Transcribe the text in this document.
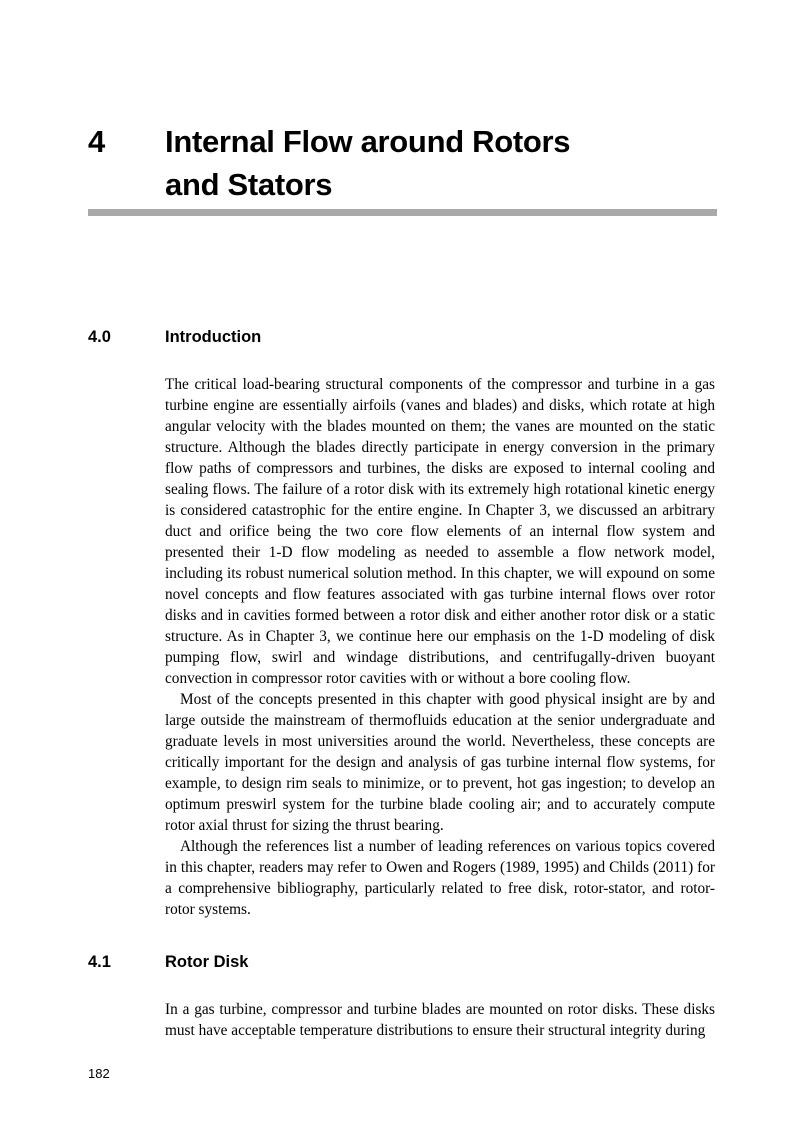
4	Internal Flow around Rotors
and Stators
4.0	Introduction

The critical load-bearing structural components of the compressor and turbine in a gas turbine engine are essentially airfoils (vanes and blades) and disks, which rotate at high angular velocity with the blades mounted on them; the vanes are mounted on the static structure. Although the blades directly participate in energy conversion in the primary flow paths of compressors and turbines, the disks are exposed to internal cooling and sealing flows. The failure of a rotor disk with its extremely high rotational kinetic energy is considered catastrophic for the entire engine. In Chapter 3, we discussed an arbitrary duct and orifice being the two core flow elements of an internal flow system and presented their 1-D flow modeling as needed to assemble a flow network model, including its robust numerical solution method. In this chapter, we will expound on some novel concepts and flow features associated with gas turbine internal flows over rotor disks and in cavities formed between a rotor disk and either another rotor disk or a static structure. As in Chapter 3, we continue here our emphasis on the 1-D modeling of disk pumping flow, swirl and windage distributions, and centrifugally-driven buoyant convection in compressor rotor cavities with or without a bore cooling flow.

Most of the concepts presented in this chapter with good physical insight are by and large outside the mainstream of thermofluids education at the senior undergraduate and graduate levels in most universities around the world. Nevertheless, these concepts are critically important for the design and analysis of gas turbine internal flow systems, for example, to design rim seals to minimize, or to prevent, hot gas ingestion; to develop an optimum preswirl system for the turbine blade cooling air; and to accurately compute rotor axial thrust for sizing the thrust bearing.

Although the references list a number of leading references on various topics covered in this chapter, readers may refer to Owen and Rogers (1989, 1995) and Childs (2011) for a comprehensive bibliography, particularly related to free disk, rotor-stator, and rotor-rotor systems.

4.1	Rotor Disk

In a gas turbine, compressor and turbine blades are mounted on rotor disks. These disks must have acceptable temperature distributions to ensure their structural integrity during

182
